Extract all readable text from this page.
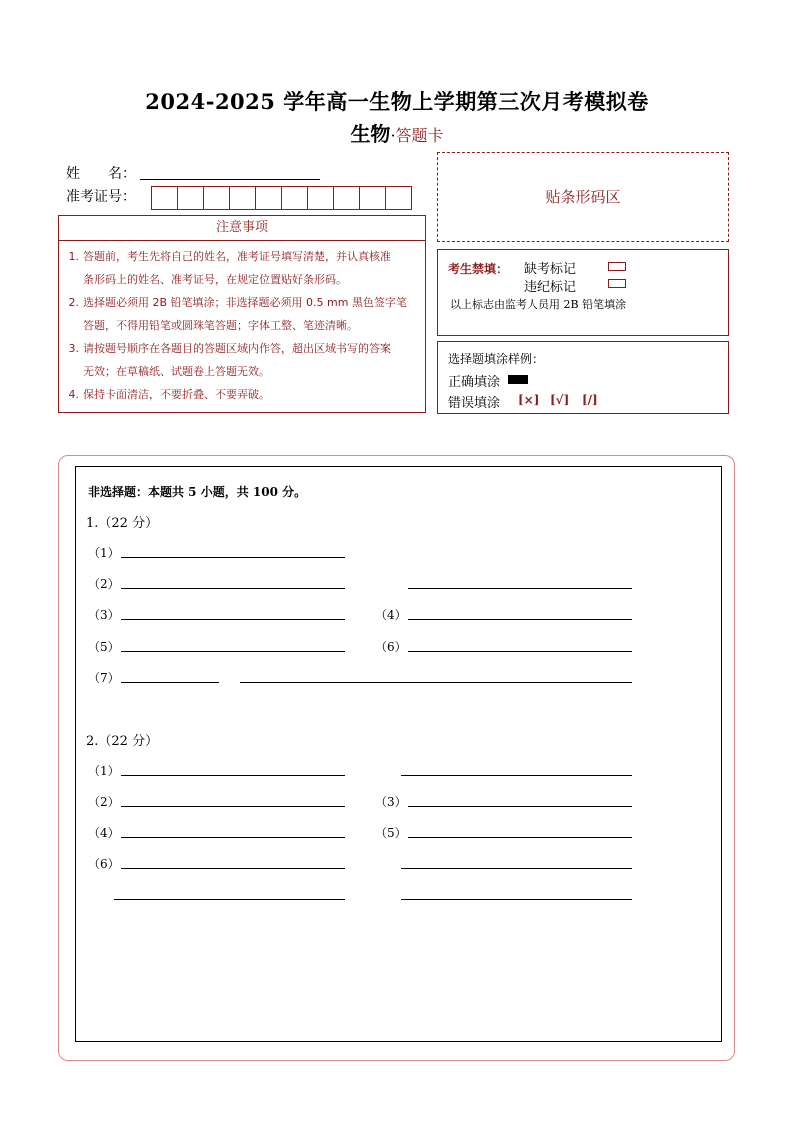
2024-2025 学年高一生物上学期第三次月考模拟卷
生物·答题卡
姓　　名：
准考证号：
注意事项
1. 答题前，考生先将自己的姓名，准考证号填写清楚，并认真核准
条形码上的姓名、准考证号，在规定位置贴好条形码。
2. 选择题必须用 2B 铅笔填涂；非选择题必须用 0.5 mm 黑色签字笔
答题，不得用铅笔或圆珠笔答题；字体工整、笔迹清晰。
3. 请按题号顺序在各题目的答题区域内作答，超出区域书写的答案
无效；在草稿纸、试题卷上答题无效。
4. 保持卡面清洁，不要折叠、不要弄破。
贴条形码区
考生禁填： 缺考标记
违纪标记
以上标志由监考人员用 2B 铅笔填涂
选择题填涂样例：
正确填涂
错误填涂 [×] [√] [/]
非选择题：本题共 5 小题，共 100 分。
1.（22 分）
（1）
（2）
（3）	（4）
（5）	（6）
（7）
2.（22 分）
（1）
（2）	（3）
（4）	（5）
（6）
